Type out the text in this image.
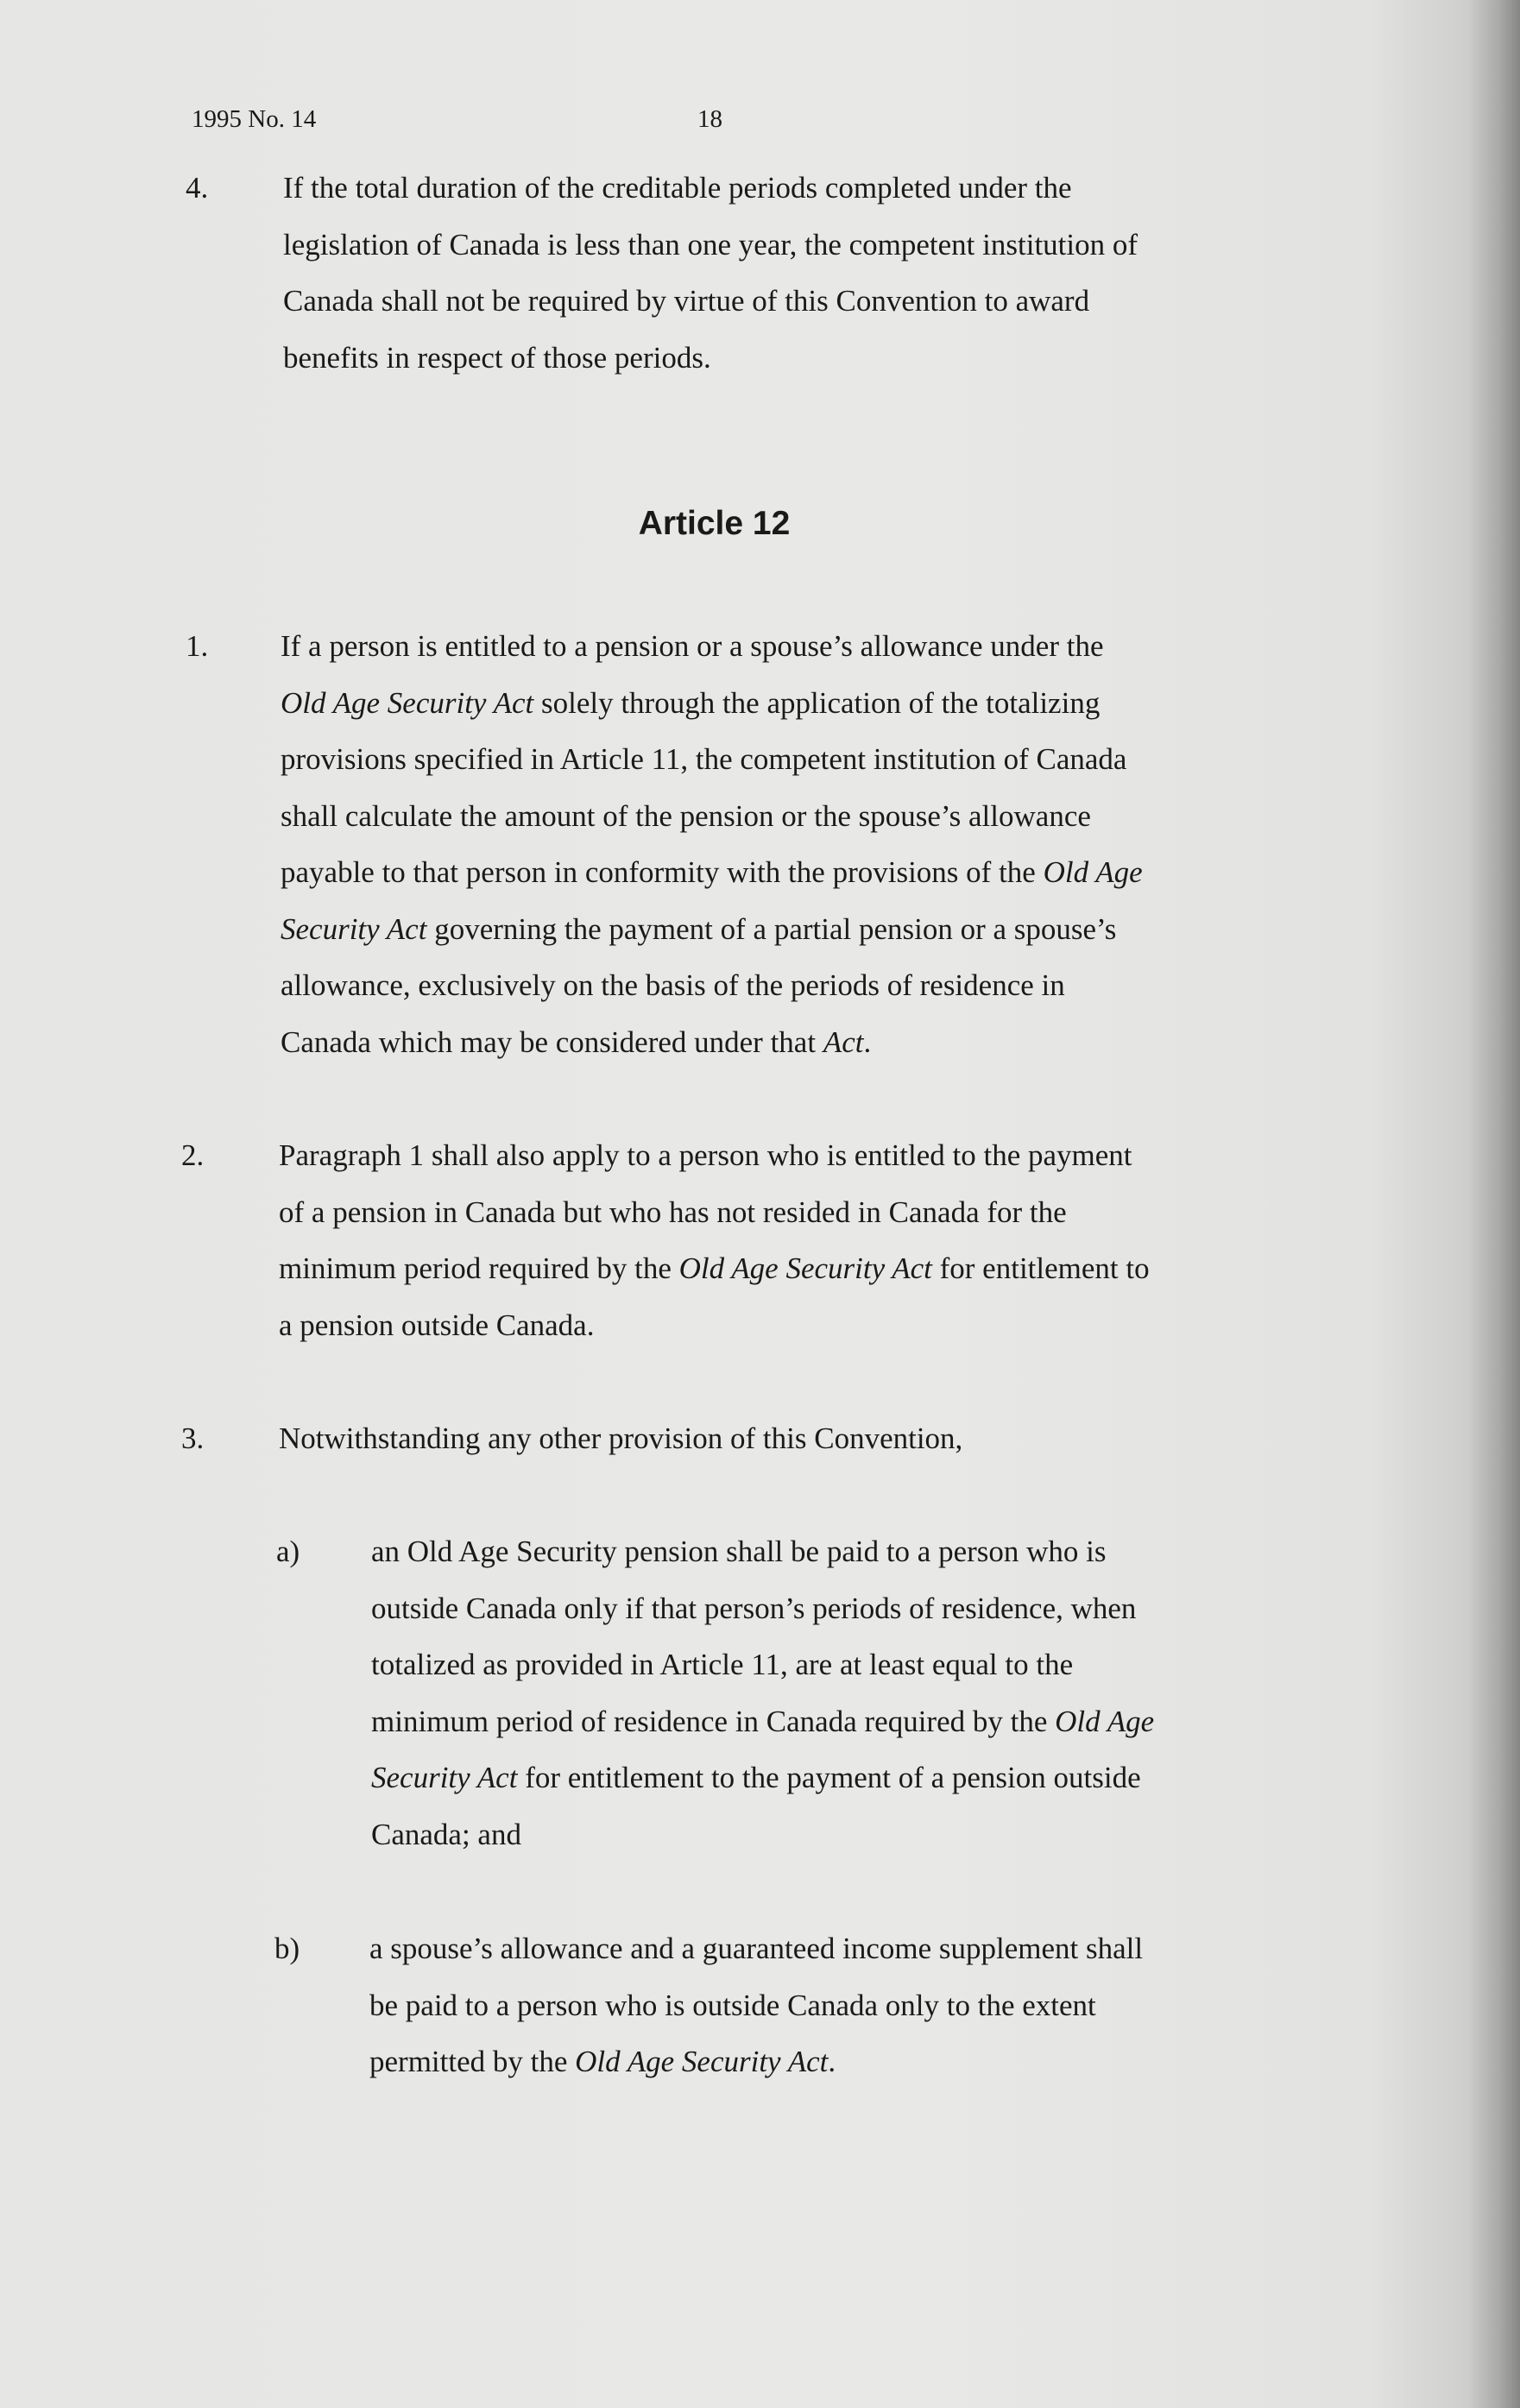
1995 No. 14	18
4. If the total duration of the creditable periods completed under the
legislation of Canada is less than one year, the competent institution of
Canada shall not be required by virtue of this Convention to award
benefits in respect of those periods.
Article 12
1. If a person is entitled to a pension or a spouse’s allowance under the
Old Age Security Act solely through the application of the totalizing
provisions specified in Article 11, the competent institution of Canada
shall calculate the amount of the pension or the spouse’s allowance
payable to that person in conformity with the provisions of the Old Age
Security Act governing the payment of a partial pension or a spouse’s
allowance, exclusively on the basis of the periods of residence in
Canada which may be considered under that Act.
2. Paragraph 1 shall also apply to a person who is entitled to the payment
of a pension in Canada but who has not resided in Canada for the
minimum period required by the Old Age Security Act for entitlement to
a pension outside Canada.
3. Notwithstanding any other provision of this Convention,
a) an Old Age Security pension shall be paid to a person who is
outside Canada only if that person’s periods of residence, when
totalized as provided in Article 11, are at least equal to the
minimum period of residence in Canada required by the Old Age
Security Act for entitlement to the payment of a pension outside
Canada; and
b) a spouse’s allowance and a guaranteed income supplement shall
be paid to a person who is outside Canada only to the extent
permitted by the Old Age Security Act.
